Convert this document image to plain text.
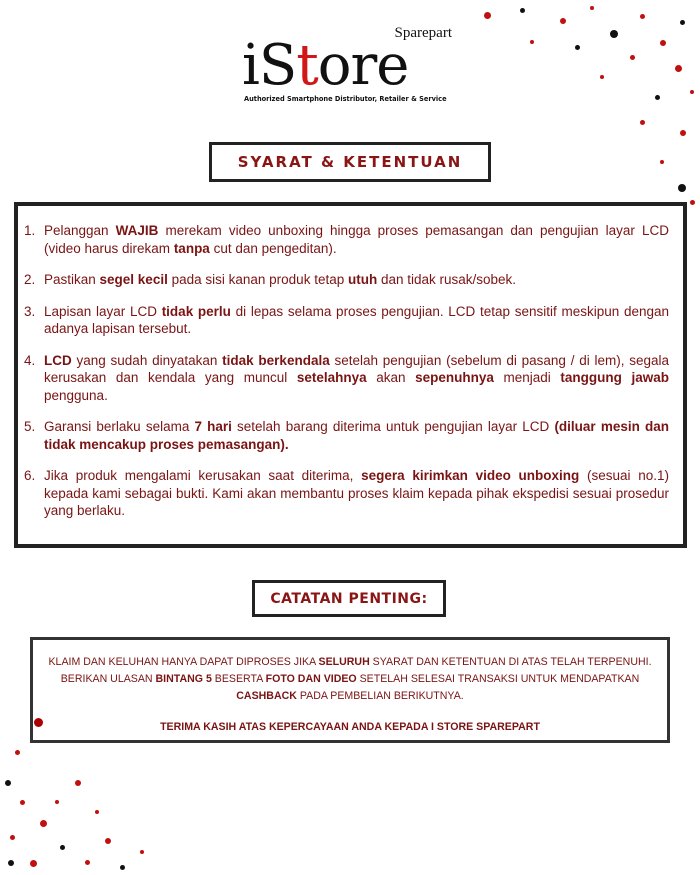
Sparepart
iStore
Authorized Smartphone Distributor, Retailer & Service
SYARAT & KETENTUAN
1. Pelanggan WAJIB merekam video unboxing hingga proses pemasangan dan pengujian layar LCD (video harus direkam tanpa cut dan pengeditan).
2. Pastikan segel kecil pada sisi kanan produk tetap utuh dan tidak rusak/sobek.
3. Lapisan layar LCD tidak perlu di lepas selama proses pengujian. LCD tetap sensitif meskipun dengan adanya lapisan tersebut.
4. LCD yang sudah dinyatakan tidak berkendala setelah pengujian (sebelum di pasang / di lem), segala kerusakan dan kendala yang muncul setelahnya akan sepenuhnya menjadi tanggung jawab pengguna.
5. Garansi berlaku selama 7 hari setelah barang diterima untuk pengujian layar LCD (diluar mesin dan tidak mencakup proses pemasangan).
6. Jika produk mengalami kerusakan saat diterima, segera kirimkan video unboxing (sesuai no.1) kepada kami sebagai bukti. Kami akan membantu proses klaim kepada pihak ekspedisi sesuai prosedur yang berlaku.
CATATAN PENTING:

KLAIM DAN KELUHAN HANYA DAPAT DIPROSES JIKA SELURUH SYARAT DAN KETENTUAN DI ATAS TELAH TERPENUHI. BERIKAN ULASAN BINTANG 5 BESERTA FOTO DAN VIDEO SETELAH SELESAI TRANSAKSI UNTUK MENDAPATKAN CASHBACK PADA PEMBELIAN BERIKUTNYA.

TERIMA KASIH ATAS KEPERCAYAAN ANDA KEPADA I STORE SPAREPART
